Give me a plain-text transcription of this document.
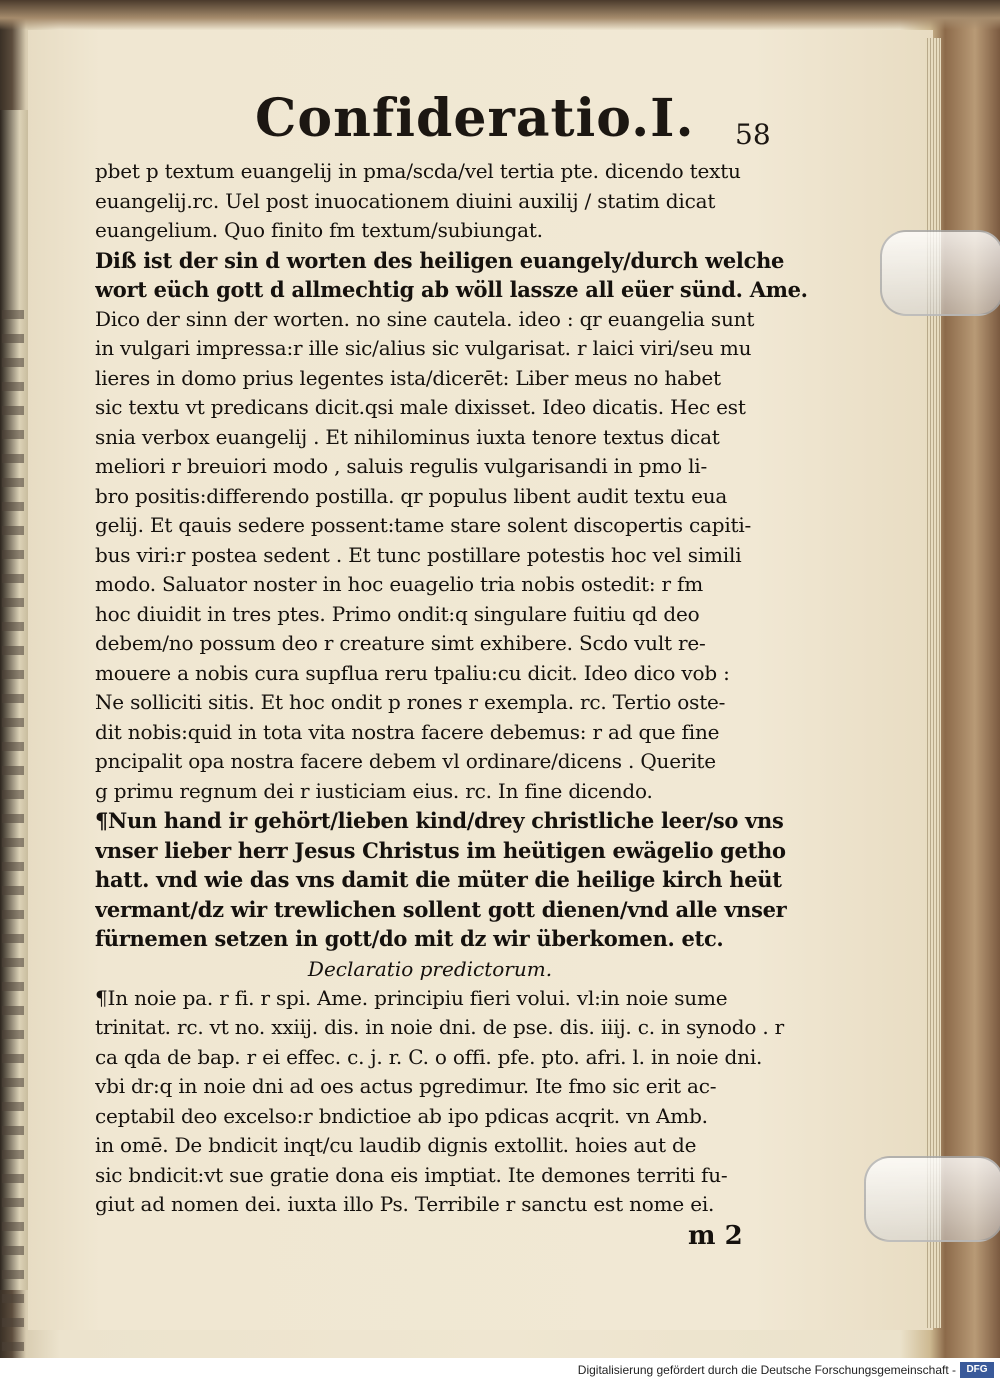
Confideratio.I. 58
pbet p textum euangelij in pma/scda/vel tertia pte. dicendo textu
euangelij.rc. Uel post inuocationem diuini auxilij / statim dicat
euangelium. Quo finito fm textum/subiungat.
Diß ist der sin d worten des heiligen euangely/durch welche
wort eüch gott d allmechtig ab wöll lassze all eüer sünd. Ame.
Dico der sinn der worten. no sine cautela. ideo : qr euangelia sunt
in vulgari impressa:r ille sic/alius sic vulgarisat. r laici viri/seu mu
lieres in domo prius legentes ista/dicerēt: Liber meus no habet
sic textu vt predicans dicit.qsi male dixisset. Ideo dicatis. Hec est
snia verbox euangelij . Et nihilominus iuxta tenore textus dicat
meliori r breuiori modo , saluis regulis vulgarisandi in pmo li-
bro positis:differendo postilla. qr populus libent audit textu eua
gelij. Et qauis sedere possent:tame stare solent discopertis capiti-
bus viri:r postea sedent . Et tunc postillare potestis hoc vel simili
modo. Saluator noster in hoc euagelio tria nobis ostedit: r fm
hoc diuidit in tres ptes. Primo ondit:q singulare fuitiu qd deo
debem/no possum deo r creature simt exhibere. Scdo vult re-
mouere a nobis cura supflua reru tpaliu:cu dicit. Ideo dico vob :
Ne solliciti sitis. Et hoc ondit p rones r exempla. rc. Tertio oste-
dit nobis:quid in tota vita nostra facere debemus: r ad que fine
pncipalit opa nostra facere debem vl ordinare/dicens . Querite
g primu regnum dei r iusticiam eius. rc. In fine dicendo.
¶Nun hand ir gehört/lieben kind/drey christliche leer/so vns
vnser lieber herr Jesus Christus im heütigen ewägelio getho
hatt. vnd wie das vns damit die müter die heilige kirch heüt
vermant/dz wir trewlichen sollent gott dienen/vnd alle vnser
fürnemen setzen in gott/do mit dz wir überkomen. etc.
Declaratio predictorum.
¶In noie pa. r fi. r spi. Ame. principiu fieri volui. vl:in noie sume
trinitat. rc. vt no. xxiij. dis. in noie dni. de pse. dis. iiij. c. in synodo . r
ca qda de bap. r ei effec. c. j. r. C. o offi. pfe. pto. afri. l. in noie dni.
vbi dr:q in noie dni ad oes actus pgredimur. Ite fmo sic erit ac-
ceptabil deo excelso:r bndictioe ab ipo pdicas acqrit. vn Amb.
in omē. De bndicit inqt/cu laudib dignis extollit. hoies aut de
sic bndicit:vt sue gratie dona eis imptiat. Ite demones territi fu-
giut ad nomen dei. iuxta illo Ps. Terribile r sanctu est nome ei.
m 2
Digitalisierung gefördert durch die Deutsche Forschungsgemeinschaft -	DFG
